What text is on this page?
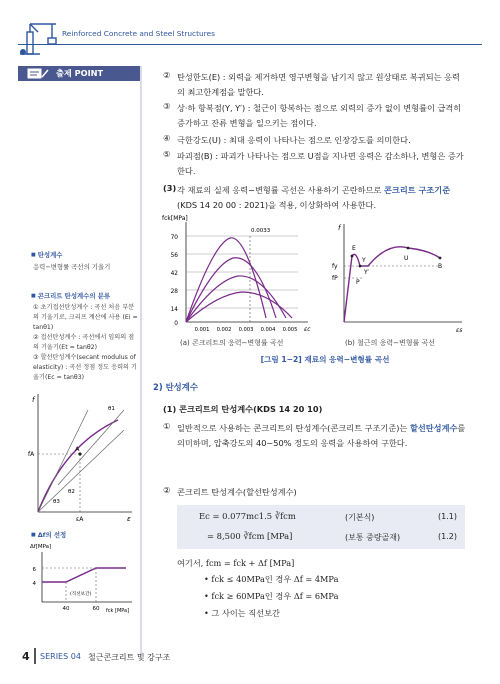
Reinforced Concrete and Steel Structures
출제 POINT
■ 탄성계수
응력−변형률 곡선의 기울기
■ 콘크리트 탄성계수의 분류
① 초기접선탄성계수 : 곡선 처음 부분의 기울기로, 크리프 계산에 사용 (Ei = tanθ1)
② 접선탄성계수 : 곡선에서 임의의 점의 기울기(Et = tanθ2)
③ 할선탄성계수(secant modulus of elasticity) : 곡선 정점 정도 응력의 기울기(Ec = tanθ3)
f
ε
A
fA
εA
θ1
θ2
θ3
■ Δf의 선정
Δf[MPa]
6
4
40	60
(직선보간)
fck [MPa]
② 탄성한도(E) : 외력을 제거하면 영구변형을 남기지 않고 원상태로 복귀되는 응력의 최고한계점을 말한다.
③ 상·하 항복점(Y, Y′) : 철근이 항복하는 점으로 외력의 증가 없이 변형률이 급격히 증가하고 잔류 변형을 일으키는 점이다.
④ 극한강도(U) : 최대 응력이 나타나는 점으로 인장강도를 의미한다.
⑤ 파괴점(B) : 파괴가 나타나는 점으로 U점을 지나면 응력은 감소하나, 변형은 증가한다.
(3) 각 재료의 실제 응력−변형률 곡선은 사용하기 곤란하므로 콘크리트 구조기준(KDS 14 20 00 : 2021)을 적용, 이상화하여 사용한다.
fck[MPa]
70
56
42
28
14
0
0.001 0.002 0.003 0.004 0.005
0.0033
εc
(a) 콘크리트의 응력−변형률 곡선
f
E
Y
Y′
U
B
P
fy
fP
εs
(b) 철근의 응력−변형률 곡선
[그림 1−2] 재료의 응력−변형률 곡선
2) 탄성계수
(1) 콘크리트의 탄성계수(KDS 14 20 10)
① 일반적으로 사용하는 콘크리트의 탄성계수(콘크리트 구조기준)는 할선탄성계수를 의미하며, 압축강도의 40∼50% 정도의 응력을 사용하여 구한다.
② 콘크리트 탄성계수(할선탄성계수)
Ec = 0.077mc1.5 ∛fcm	(기본식)	(1.1)
= 8,500 ∛fcm [MPa]	(보통 중량골재)	(1.2)
여기서, fcm = fck + Δf [MPa]
• fck ≤ 40MPa인 경우 Δf = 4MPa
• fck ≥ 60MPa인 경우 Δf = 6MPa
• 그 사이는 직선보간
4 SERIES 04 철근콘크리트 및 강구조
